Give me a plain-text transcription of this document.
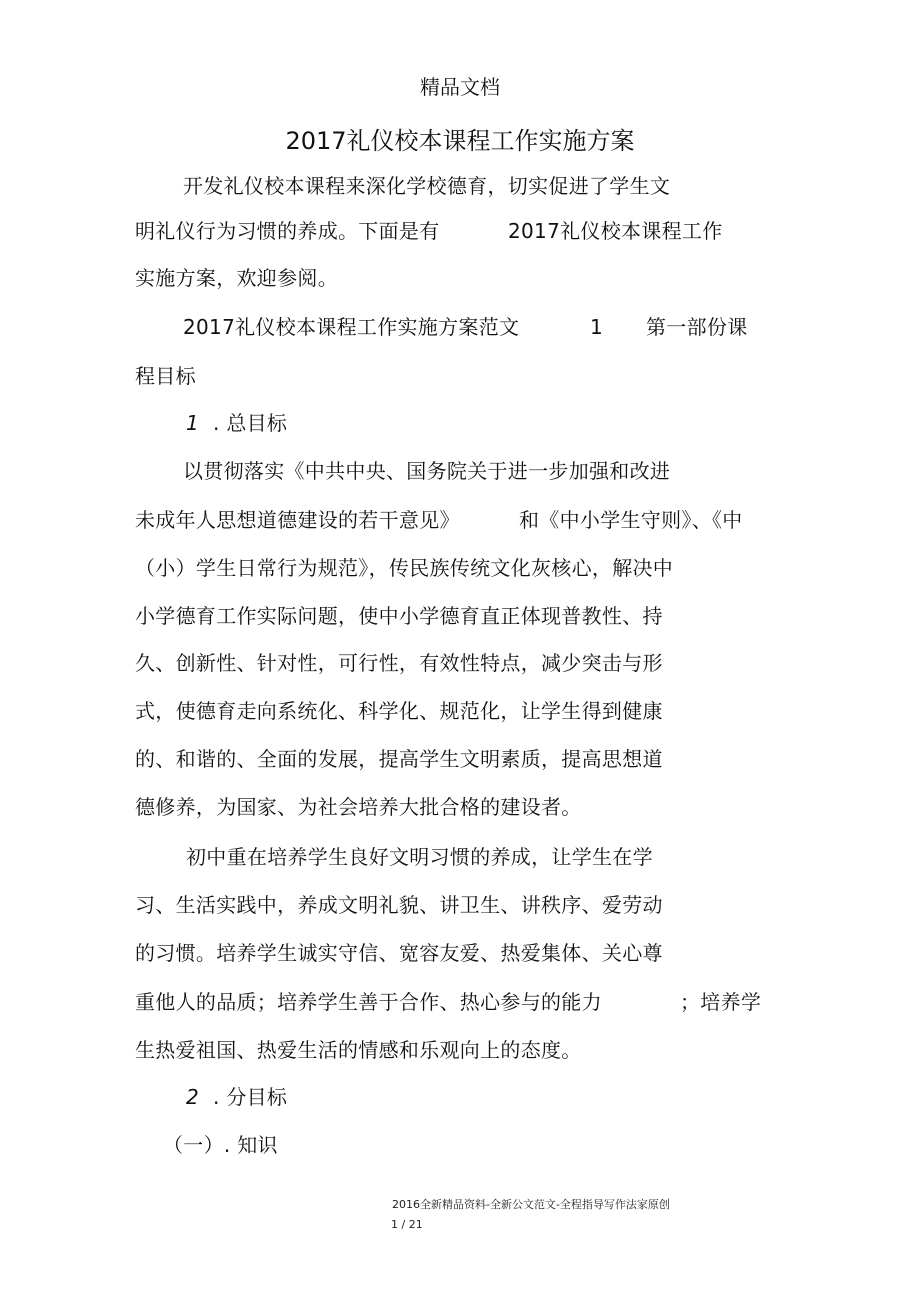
精品文档
2017礼仪校本课程工作实施方案
开发礼仪校本课程来深化学校德育，切实促进了学生文
明礼仪行为习惯的养成。下面是有	2017礼仪校本课程工作
实施方案，欢迎参阅。
2017礼仪校本课程工作实施方案范文	1 第一部份课
程目标
1 . 总目标
以贯彻落实《中共中央、国务院关于进一步加强和改进
未成年人思想道德建设的若干意见》	和《中小学生守则》、《中
（小）学生日常行为规范》，传民族传统文化灰核心，解决中
小学德育工作实际问题，使中小学德育直正体现普教性、持
久、创新性、针对性，可行性，有效性特点，减少突击与形
式，使德育走向系统化、科学化、规范化，让学生得到健康
的、和谐的、全面的发展，提高学生文明素质，提高思想道
德修养，为国家、为社会培养大批合格的建设者。
初中重在培养学生良好文明习惯的养成，让学生在学
习、生活实践中，养成文明礼貌、讲卫生、讲秩序、爱劳动
的习惯。培养学生诚实守信、宽容友爱、热爱集体、关心尊
重他人的品质；培养学生善于合作、热心参与的能力	；培养学
生热爱祖国、热爱生活的情感和乐观向上的态度。
2 . 分目标
（一）. 知识
2016全新精品资料-全新公文范文-全程指导写作法家原创
1 / 21
